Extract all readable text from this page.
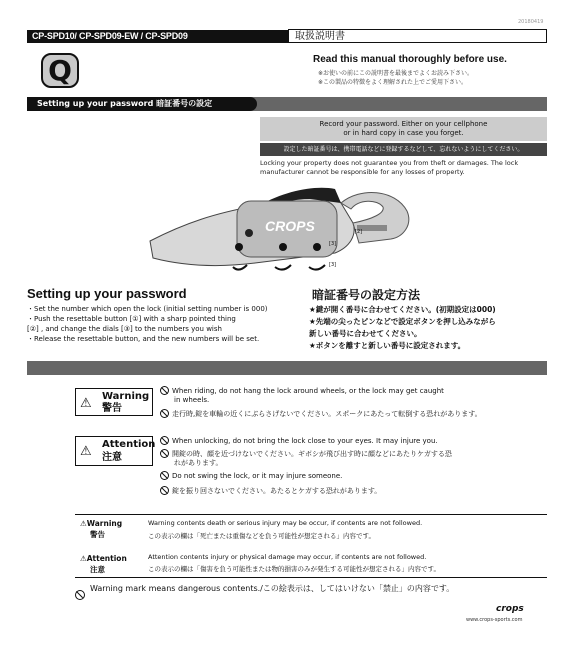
20180419
CP-SPD10/ CP-SPD09-EW / CP-SPD09	取扱説明書
Q	Read this manual thoroughly before use.
※お使いの前にこの説明書を最後までよくお読み下さい。
※この製品の特徴をよく理解された上でご愛用下さい。
Setting up your password 暗証番号の設定
Record your password. Either on your cellphone
or in hard copy in case you forget.
設定した暗証番号は、携帯電話などに登録するなどして、忘れないようにしてください。
Locking your property does not guarantee you from theft or damages. The lock manufacturer cannot be responsible for any losses of property.
CROPS	[2]
[3]
[3]
Setting up your password	暗証番号の設定方法
・Set the number which open the lock (initial setting number is 000)
・Push the resettable button [①] with a sharp pointed thing
[②] , and change the dials [③] to the numbers you wish
・Release the resettable button, and the new numbers will be set.
★鍵が開く番号に合わせてください。(初期設定は000)
★先端の尖ったピンなどで設定ボタンを押し込みながら
新しい番号に合わせてください。
★ボタンを離すと新しい番号に設定されます。
⚠ Warning
警告
When riding, do not hang the lock around wheels, or the lock may get caught
in wheels.
走行時,錠を車輪の近くにぶらさげないでください。スポークにあたって転倒する恐れがあります。
⚠ Attention
注意
When unlocking, do not bring the lock close to your eyes. It may injure you.
開錠の時、顔を近づけないでください。ギボシが飛び出す時に顔などにあたりケガする恐
れがあります。
Do not swing the lock, or it may injure someone.
錠を振り回さないでください。あたるとケガする恐れがあります。
⚠Warning
警告
Warning contents death or serious injury may be occur, if contents are not followed.
この表示の欄は「死亡または重傷などを負う可能性が想定される」内容です。
⚠Attention
注意
Attention contents injury or physical damage may occur, if contents are not followed.
この表示の欄は「傷害を負う可能性または物的損害のみが発生する可能性が想定される」内容です。
Warning mark means dangerous contents./この絵表示は、してはいけない「禁止」の内容です。
crops
www.crops-sports.com
